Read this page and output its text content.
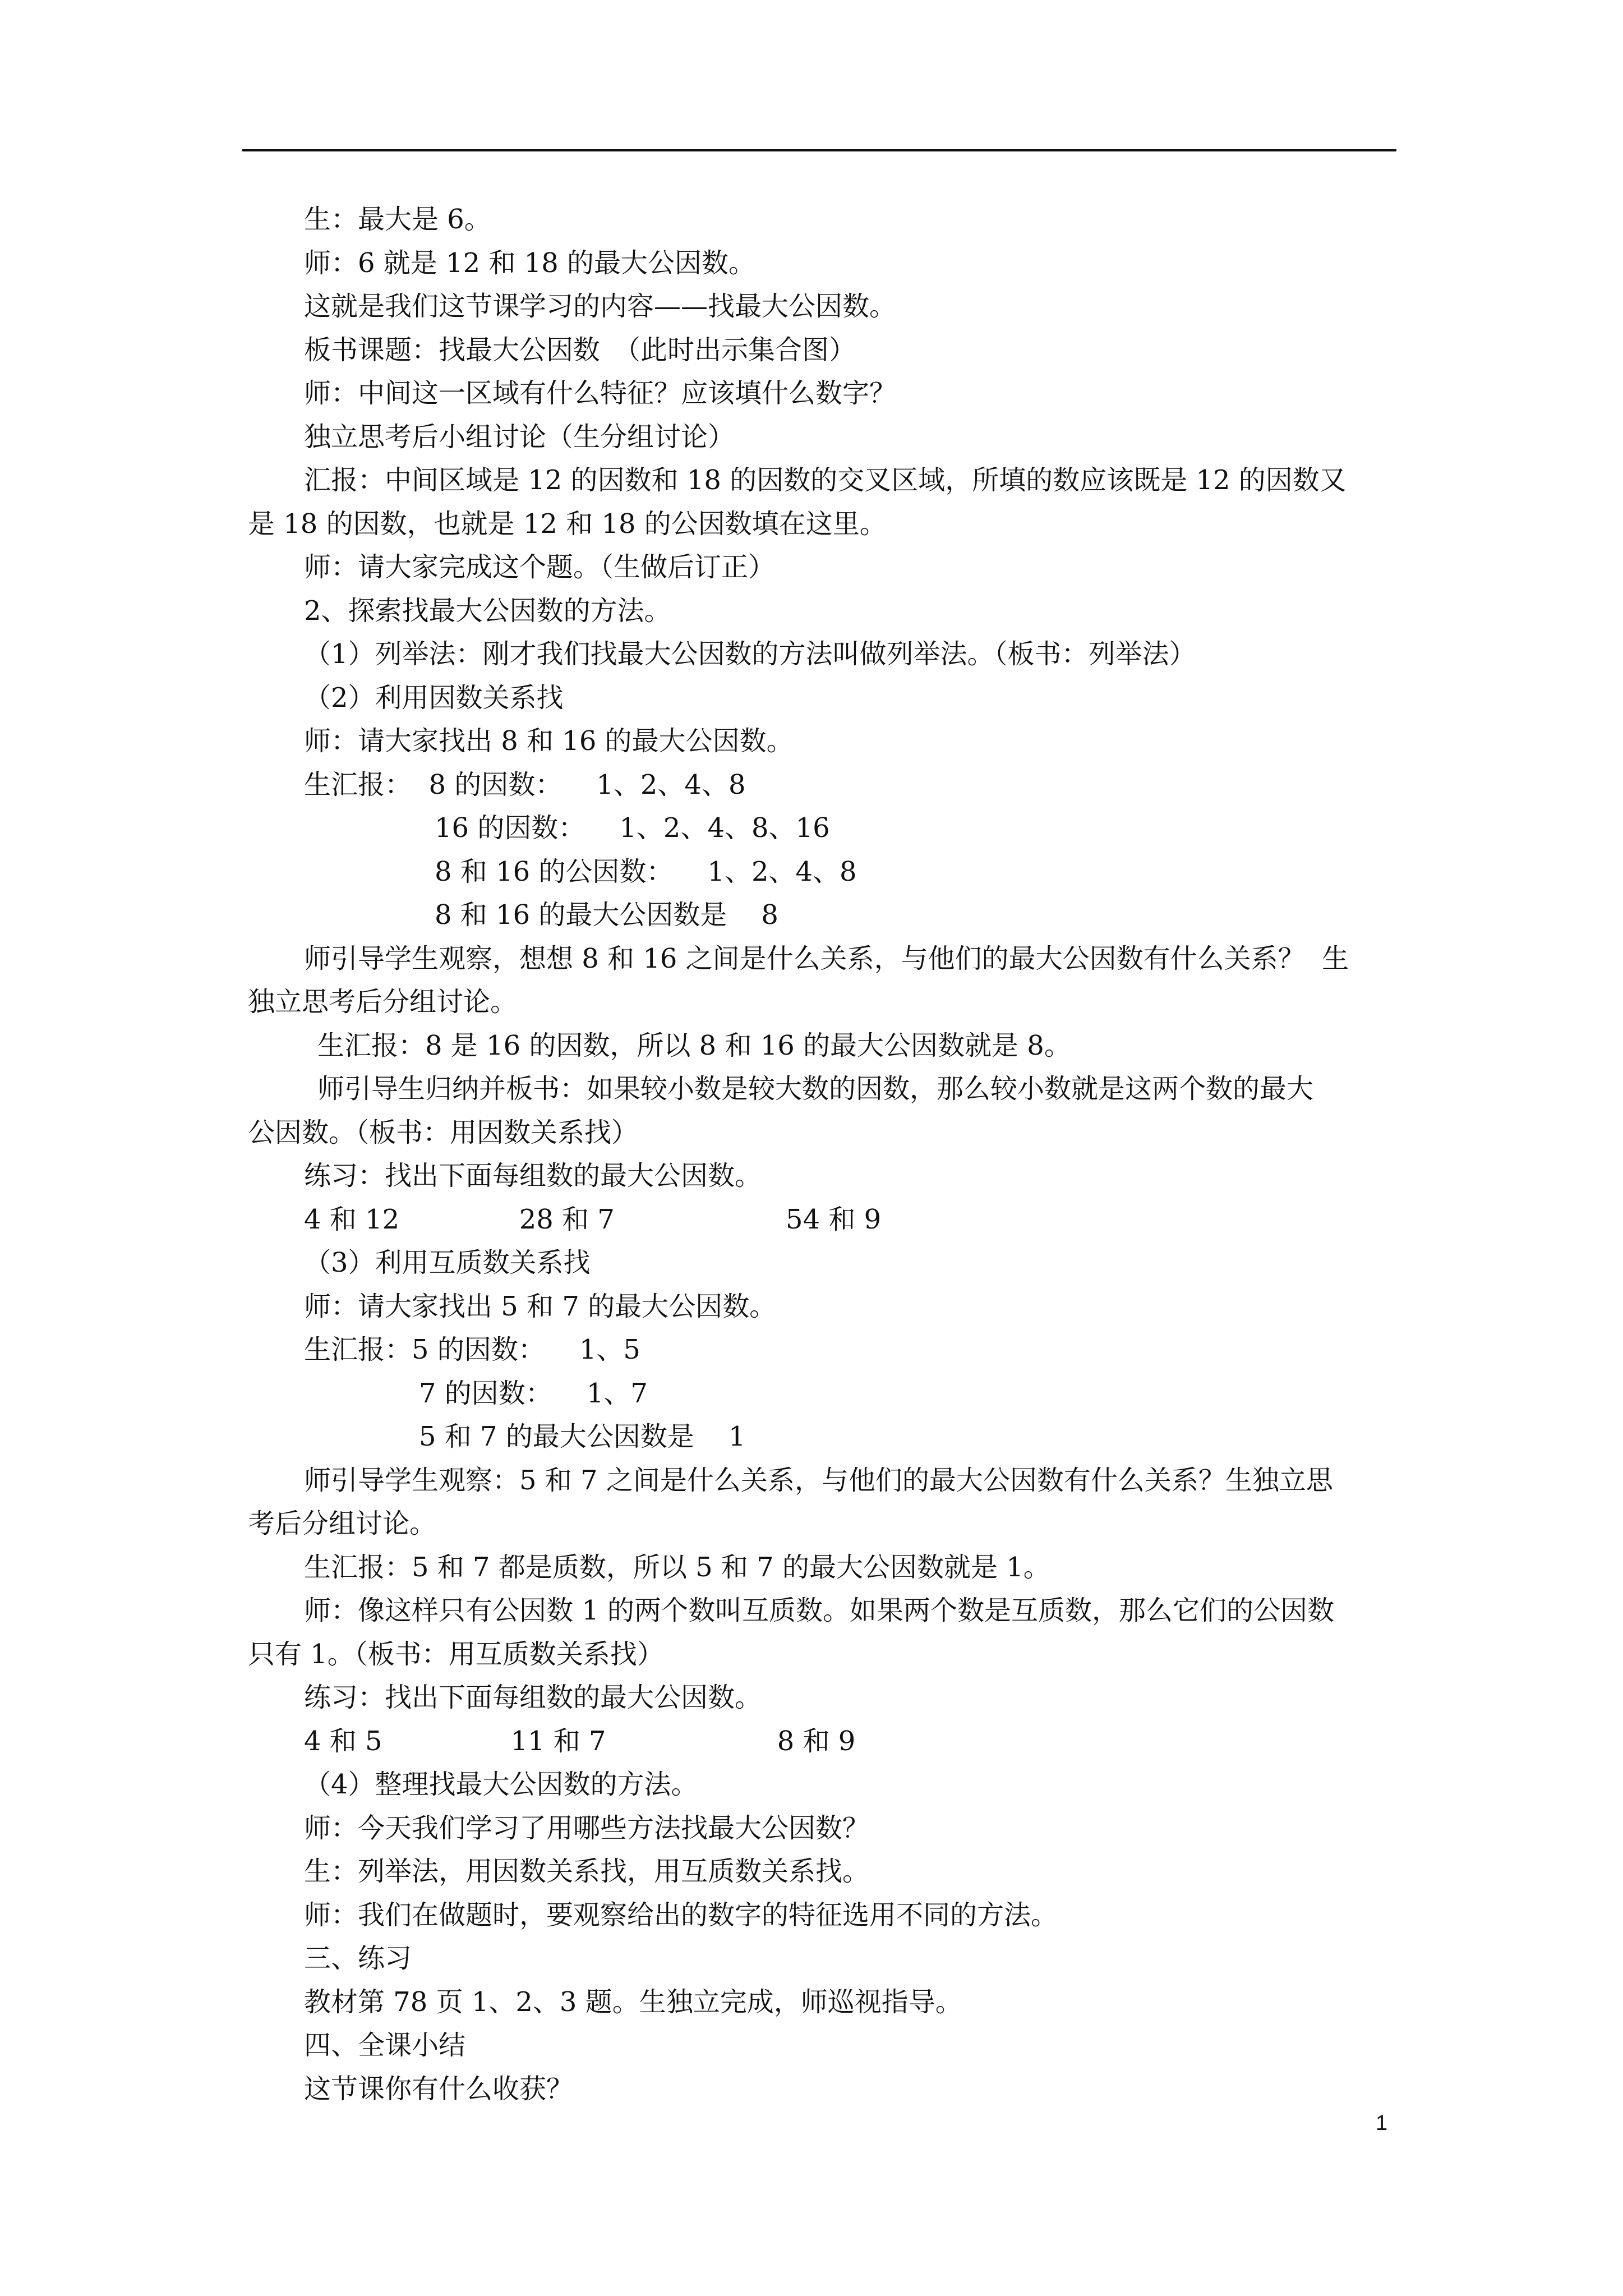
生：最大是 6。

师：6 就是 12 和 18 的最大公因数。

这就是我们这节课学习的内容——找最大公因数。

板书课题：找最大公因数　（此时出示集合图）

师：中间这一区域有什么特征？应该填什么数字？

独立思考后小组讨论（生分组讨论）

汇报：中间区域是 12 的因数和 18 的因数的交叉区域，所填的数应该既是 12 的因数又

是 18 的因数，也就是 12 和 18 的公因数填在这里。

师：请大家完成这个题。（生做后订正）

2、探索找最大公因数的方法。

（1）列举法：刚才我们找最大公因数的方法叫做列举法。（板书：列举法）

（2）利用因数关系找

师：请大家找出 8 和 16 的最大公因数。

生汇报：  8 的因数：    1、2、4、8

16 的因数：    1、2、4、8、16

8 和 16 的公因数：    1、2、4、8

8 和 16 的最大公因数是    8

师引导学生观察，想想 8 和 16 之间是什么关系，与他们的最大公因数有什么关系？  生

独立思考后分组讨论。

生汇报：8 是 16 的因数，所以 8 和 16 的最大公因数就是 8。

师引导生归纳并板书：如果较小数是较大数的因数，那么较小数就是这两个数的最大

公因数。（板书：用因数关系找）

练习：找出下面每组数的最大公因数。

4 和 12              28 和 7                    54 和 9

（3）利用互质数关系找

师：请大家找出 5 和 7 的最大公因数。

生汇报：5 的因数：    1、5

7 的因数：    1、7

5 和 7 的最大公因数是    1

师引导学生观察：5 和 7 之间是什么关系，与他们的最大公因数有什么关系？生独立思

考后分组讨论。

生汇报：5 和 7 都是质数，所以 5 和 7 的最大公因数就是 1。

师：像这样只有公因数 1 的两个数叫互质数。如果两个数是互质数，那么它们的公因数

只有 1。（板书：用互质数关系找）

练习：找出下面每组数的最大公因数。

4 和 5               11 和 7                    8 和 9

（4）整理找最大公因数的方法。

师：今天我们学习了用哪些方法找最大公因数？

生：列举法，用因数关系找，用互质数关系找。

师：我们在做题时，要观察给出的数字的特征选用不同的方法。

三、练习

教材第 78 页 1、2、3 题。生独立完成，师巡视指导。

四、全课小结

这节课你有什么收获？

1
